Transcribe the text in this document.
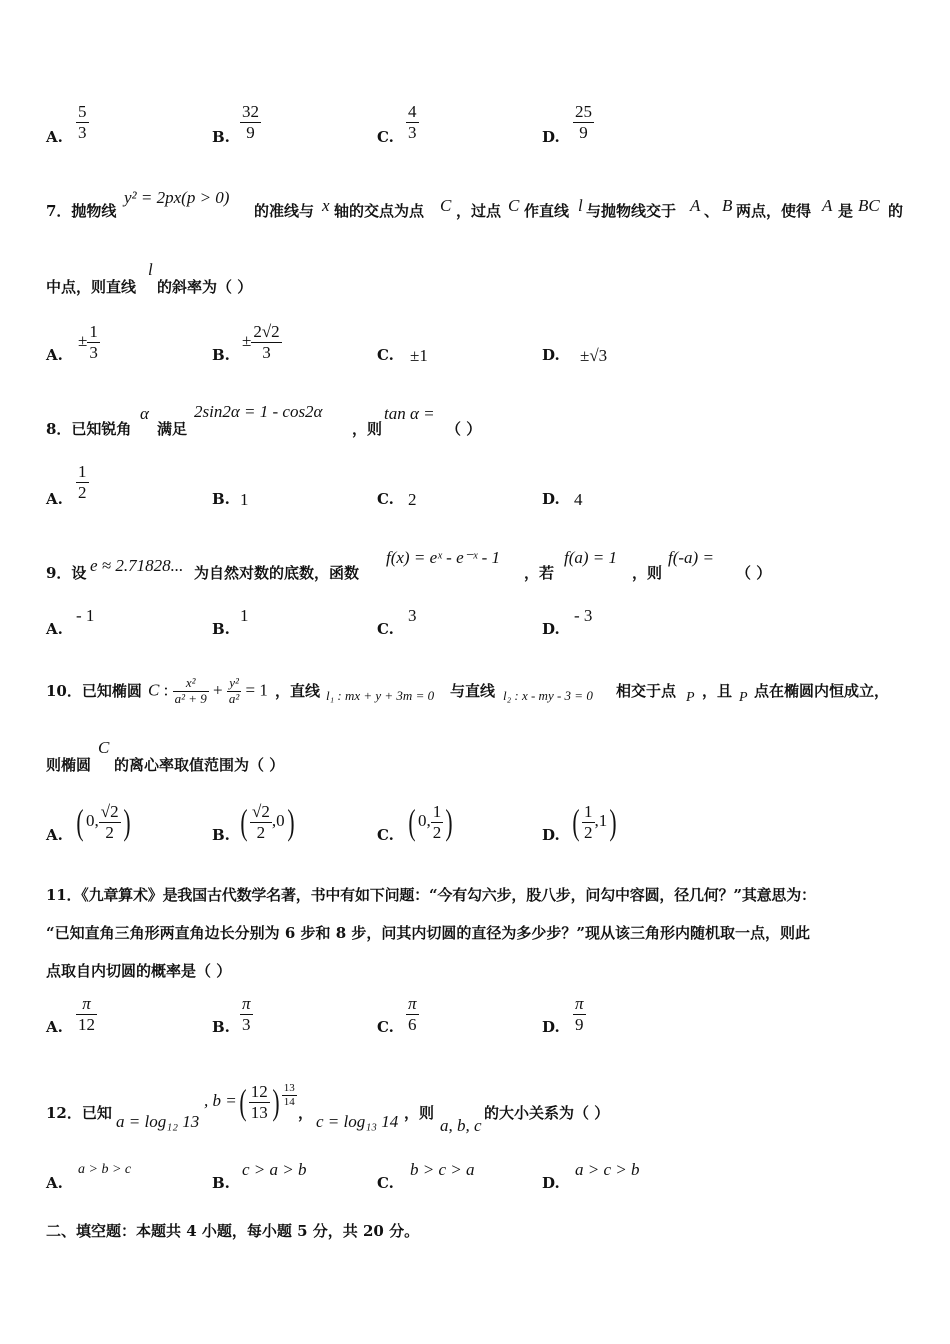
A. $\frac{5}{3}$	B. $\frac{32}{9}$	C. $\frac{4}{3}$	D. $\frac{25}{9}$
7．抛物线
y² = 2px(p > 0)
的准线与 x 轴的交点为点 C ，过点 C 作直线 l 与抛物线交于 A 、 B 两点，使得 A 是 BC 的
中点，则直线
l
的斜率为（ ）
A.
± $\frac{1}{3}$	B.
± $\frac{2√2}{3}$	C. ±1	D. ±√3
8．已知锐角
α
满足
2sin2α = 1 - cos2α
，则
tan α =
（ ）
A. $\frac{1}{2}$	B. 1	C. 2	D. 4
9．设 e ≈ 2.71828... 为自然对数的底数，函数
f(x) = eˣ - e⁻ˣ - 1
，若
f(a) = 1
，则
f(-a) =
（ ）
A.
- 1
B.
1
C.
3
D.
- 3
10．已知椭圆 C : $\frac{\text{x²}}{\text{a² + 9}} + \frac{\text{y²}}{\text{a²}} = 1$ ，直线 l₁ : mx + y + 3m = 0 与直线 l₂ : x - my - 3 = 0 相交于点 P ，且 P 点在椭圆内恒成立，
则椭圆
C
的离心率取值范围为（ ）
A. ( 0, $\frac{√2}{2}$ )	B. ( $\frac{√2}{2} ,0$)	C. ( 0, $\frac{1}{2}$ )	D. ( $\frac{1}{2} ,1$)
11．《九章算术》是我国古代数学名著，书中有如下问题：“今有勾六步，股八步，问勾中容圆，径几何？”其意思为：
“已知直角三角形两直角边长分别为 6 步和 8 步，问其内切圆的直径为多少步？”现从该三角形内随机取一点，则此
点取自内切圆的概率是（ ）
A. $\frac{\pi}{12}$	B. $\frac{\pi}{3}$	C. $\frac{\pi}{6}$	D. $\frac{\pi}{9}$
12．已知 a = log₁₂ 13
, b =( $\frac{12}{13}$ ) $^{\frac{13}{14}}$
， c = log₁₃ 14 ，则
a, b, c
的大小关系为（ ）
A.
a > b > c
B.
c > a > b
C.
b > c > a
D.
a > c > b
二、填空题：本题共 4 小题，每小题 5 分，共 20 分。
